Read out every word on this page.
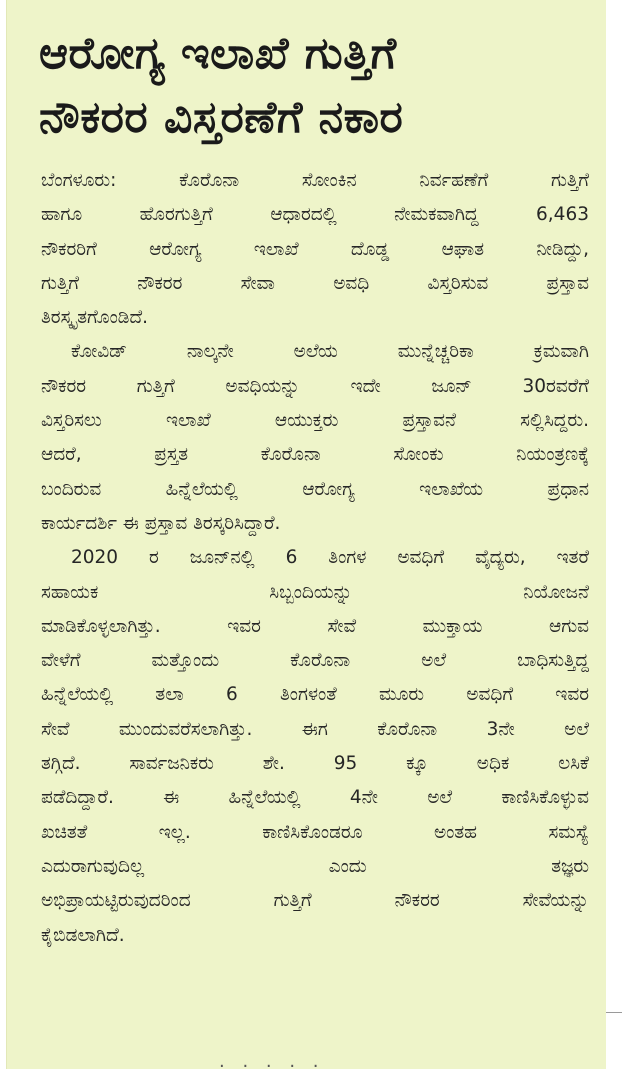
ಆರೋಗ್ಯ ಇಲಾಖೆ ಗುತ್ತಿಗೆ
ನೌಕರರ ವಿಸ್ತರಣೆಗೆ ನಕಾರ
ಬೆಂಗಳೂರು: ಕೊರೊನಾ ಸೋಂಕಿನ ನಿರ್ವಹಣೆಗೆ ಗುತ್ತಿಗೆ
ಹಾಗೂ ಹೊರಗುತ್ತಿಗೆ ಆಧಾರದಲ್ಲಿ ನೇಮಕವಾಗಿದ್ದ 6,463
ನೌಕರರಿಗೆ ಆರೋಗ್ಯ ಇಲಾಖೆ ದೊಡ್ಡ ಆಘಾತ ನೀಡಿದ್ದು,
ಗುತ್ತಿಗೆ ನೌಕರರ ಸೇವಾ ಅವಧಿ ವಿಸ್ತರಿಸುವ ಪ್ರಸ್ತಾವ
ತಿರಸ್ಕೃತಗೊಂಡಿದೆ.
ಕೋವಿಡ್ ನಾಲ್ಕನೇ ಅಲೆಯ ಮುನ್ನೆಚ್ಚರಿಕಾ ಕ್ರಮವಾಗಿ
ನೌಕರರ ಗುತ್ತಿಗೆ ಅವಧಿಯನ್ನು ಇದೇ ಜೂನ್ 30ರವರೆಗೆ
ವಿಸ್ತರಿಸಲು ಇಲಾಖೆ ಆಯುಕ್ತರು ಪ್ರಸ್ತಾವನೆ ಸಲ್ಲಿಸಿದ್ದರು.
ಆದರೆ, ಪ್ರಸ್ತತ ಕೊರೊನಾ ಸೋಂಕು ನಿಯಂತ್ರಣಕ್ಕೆ
ಬಂದಿರುವ ಹಿನ್ನೆಲೆಯಲ್ಲಿ ಆರೋಗ್ಯ ಇಲಾಖೆಯ ಪ್ರಧಾನ
ಕಾರ್ಯದರ್ಶಿ ಈ ಪ್ರಸ್ತಾವ ತಿರಸ್ಕರಿಸಿದ್ದಾರೆ.
2020 ರ ಜೂನ್‌ನಲ್ಲಿ 6 ತಿಂಗಳ ಅವಧಿಗೆ ವೈದ್ಯರು, ಇತರೆ
ಸಹಾಯಕ ಸಿಬ್ಬಂದಿಯನ್ನು ನಿಯೋಜನೆ
ಮಾಡಿಕೊಳ್ಳಲಾಗಿತ್ತು. ಇವರ ಸೇವೆ ಮುಕ್ತಾಯ ಆಗುವ
ವೇಳೆಗೆ ಮತ್ತೊಂದು ಕೊರೊನಾ ಅಲೆ ಬಾಧಿಸುತ್ತಿದ್ದ
ಹಿನ್ನೆಲೆಯಲ್ಲಿ ತಲಾ 6 ತಿಂಗಳಂತೆ ಮೂರು ಅವಧಿಗೆ ಇವರ
ಸೇವೆ ಮುಂದುವರೆಸಲಾಗಿತ್ತು. ಈಗ ಕೊರೊನಾ 3ನೇ ಅಲೆ
ತಗ್ಗಿದೆ. ಸಾರ್ವಜನಿಕರು ಶೇ. 95 ಕ್ಕೂ ಅಧಿಕ ಲಸಿಕೆ
ಪಡೆದಿದ್ದಾರೆ. ಈ ಹಿನ್ನೆಲೆಯಲ್ಲಿ 4ನೇ ಅಲೆ ಕಾಣಿಸಿಕೊಳ್ಳುವ
ಖಚಿತತೆ ಇಲ್ಲ. ಕಾಣಿಸಿಕೊಂಡರೂ ಅಂತಹ ಸಮಸ್ಯೆ
ಎದುರಾಗುವುದಿಲ್ಲ ಎಂದು ತಜ್ಞರು
ಅಭಿಪ್ರಾಯಟ್ಟಿರುವುದರಿಂದ ಗುತ್ತಿಗೆ ನೌಕರರ ಸೇವೆಯನ್ನು
ಕೈಬಿಡಲಾಗಿದೆ.
· · · · ·
